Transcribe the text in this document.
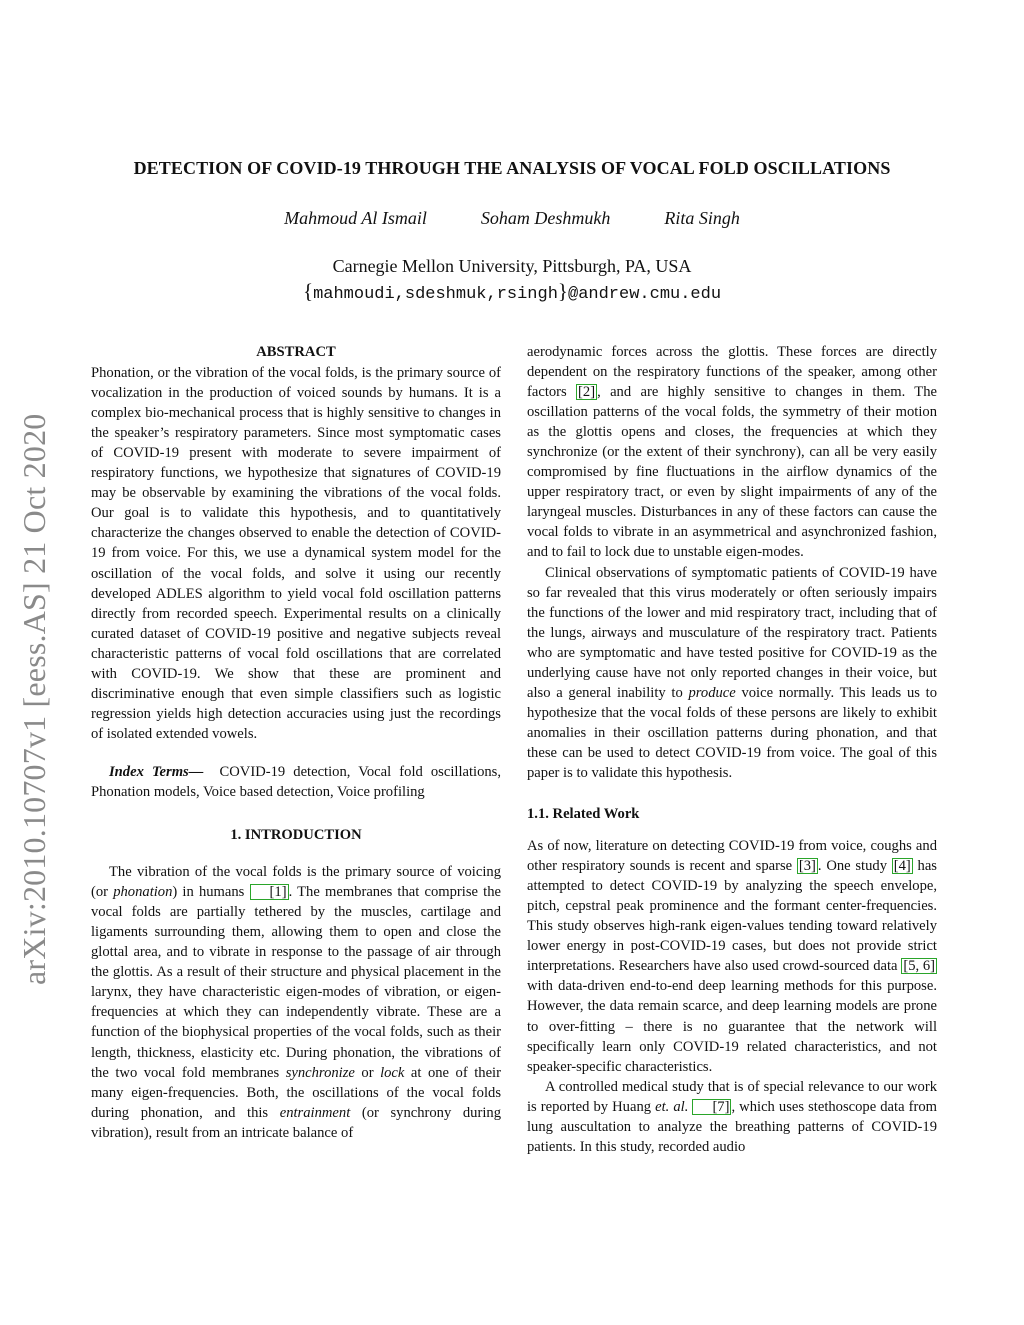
DETECTION OF COVID-19 THROUGH THE ANALYSIS OF VOCAL FOLD OSCILLATIONS
Mahmoud Al Ismail	Soham Deshmukh	Rita Singh
Carnegie Mellon University, Pittsburgh, PA, USA
{mahmoudi,sdeshmuk,rsingh}@andrew.cmu.edu
arXiv:2010.10707v1 [eess.AS] 21 Oct 2020
ABSTRACT

Phonation, or the vibration of the vocal folds, is the primary source of vocalization in the production of voiced sounds by humans. It is a complex bio-mechanical process that is highly sensitive to changes in the speaker’s respiratory parameters. Since most symptomatic cases of COVID-19 present with moderate to severe impairment of respiratory functions, we hypothesize that signatures of COVID-19 may be observable by examining the vibrations of the vocal folds. Our goal is to validate this hypothesis, and to quantitatively characterize the changes observed to enable the detection of COVID-19 from voice. For this, we use a dynamical system model for the oscillation of the vocal folds, and solve it using our recently developed ADLES algorithm to yield vocal fold oscillation patterns directly from recorded speech. Experimental results on a clinically curated dataset of COVID-19 positive and negative subjects reveal characteristic patterns of vocal fold oscillations that are correlated with COVID-19. We show that these are prominent and discriminative enough that even simple classifiers such as logistic regression yields high detection accuracies using just the recordings of isolated extended vowels.

Index Terms— COVID-19 detection, Vocal fold oscillations, Phonation models, Voice based detection, Voice profiling

1. INTRODUCTION

The vibration of the vocal folds is the primary source of voicing (or phonation) in humans [1] . The membranes that comprise the vocal folds are partially tethered by the muscles, cartilage and ligaments surrounding them, allowing them to open and close the glottal area, and to vibrate in response to the passage of air through the glottis. As a result of their structure and physical placement in the larynx, they have characteristic eigen-modes of vibration, or eigen-frequencies at which they can independently vibrate. These are a function of the biophysical properties of the vocal folds, such as their length, thickness, elasticity etc. During phonation, the vibrations of the two vocal fold membranes synchronize or lock at one of their many eigen-frequencies. Both, the oscillations of the vocal folds during phonation, and this entrainment (or synchrony during vibration), result from an intricate balance of

aerodynamic forces across the glottis. These forces are directly dependent on the respiratory functions of the speaker, among other factors [2] , and are highly sensitive to changes in them. The oscillation patterns of the vocal folds, the symmetry of their motion as the glottis opens and closes, the frequencies at which they synchronize (or the extent of their synchrony), can all be very easily compromised by fine fluctuations in the airflow dynamics of the upper respiratory tract, or even by slight impairments of any of the laryngeal muscles. Disturbances in any of these factors can cause the vocal folds to vibrate in an asymmetrical and asynchronized fashion, and to fail to lock due to unstable eigen-modes.

Clinical observations of symptomatic patients of COVID-19 have so far revealed that this virus moderately or often seriously impairs the functions of the lower and mid respiratory tract, including that of the lungs, airways and musculature of the respiratory tract. Patients who are symptomatic and have tested positive for COVID-19 as the underlying cause have not only reported changes in their voice, but also a general inability to produce voice normally. This leads us to hypothesize that the vocal folds of these persons are likely to exhibit anomalies in their oscillation patterns during phonation, and that these can be used to detect COVID-19 from voice. The goal of this paper is to validate this hypothesis.

1.1. Related Work

As of now, literature on detecting COVID-19 from voice, coughs and other respiratory sounds is recent and sparse [3] . One study [4] has attempted to detect COVID-19 by analyzing the speech envelope, pitch, cepstral peak prominence and the formant center-frequencies. This study observes high-rank eigen-values tending toward relatively lower energy in post-COVID-19 cases, but does not provide strict interpretations. Researchers have also used crowd-sourced data [5, 6] with data-driven end-to-end deep learning methods for this purpose. However, the data remain scarce, and deep learning models are prone to over-fitting – there is no guarantee that the network will specifically learn only COVID-19 related characteristics, and not speaker-specific characteristics.

A controlled medical study that is of special relevance to our work is reported by Huang et. al. [7] , which uses stethoscope data from lung auscultation to analyze the breathing patterns of COVID-19 patients. In this study, recorded audio
